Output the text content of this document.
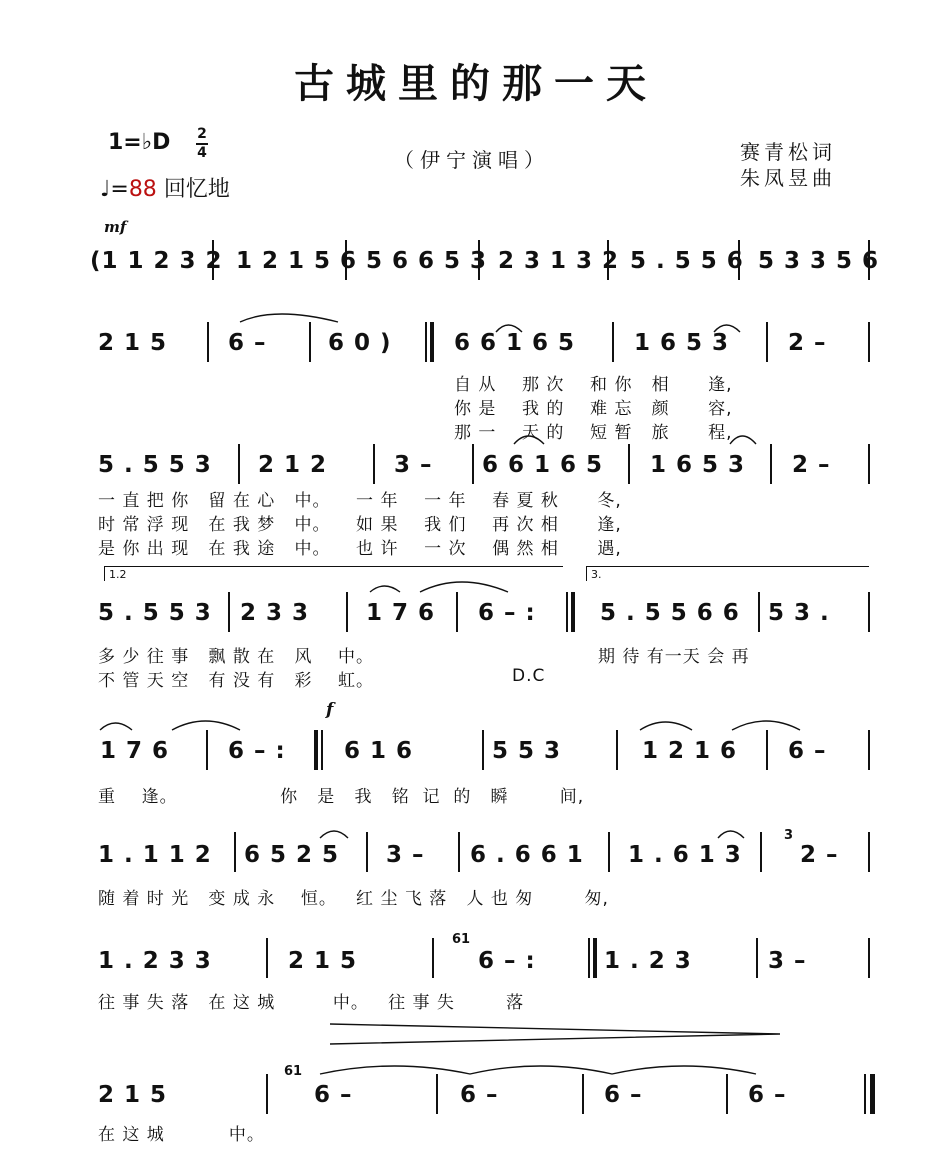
古城里的那一天
1=♭D 2
4
♩=88 回忆地
（伊宁演唱）	赛青松词
朱凤昱曲
mf
f
(1 1 2 3 2 1 2 1 5 6 5 6 6 5 3 2 3 1 3 2 5 . 5 5 6 5 3 3 5 6
2 1 5	6 –	6 0 )	6 6 1 6 5	1 6 5 3	2 –
自 从    那 次    和 你   相      逢,
你 是    我 的    难 忘   颜      容,
那 一    天 的    短 暂   旅      程,
5 . 5 5 3 2 1 2	3 – 6 6 1 6 5 1 6 5 3 2 –
一 直 把 你   留 在 心   中。    一 年    一 年    春 夏 秋      冬,
时 常 浮 现   在 我 梦   中。    如 果    我 们    再 次 相      逢,
是 你 出 现   在 我 途   中。    也 许    一 次    偶 然 相      遇,
1.2	3.
5 . 5 5 3 2 3 3 1 7 6 6 – :	5 . 5 5 6 6 5 3 .
多 少 往 事   飘 散 在   风    中。
不 管 天 空   有 没 有   彩    虹。	D.C
期 待 有一天 会 再
1 7 6	6 – :	6 1 6	5 5 3	1 2 1 6 6 –
重    逢。                你   是   我   铭  记  的   瞬        间,
1 . 1 1 2 6 5 2 5 3 – 6 . 6 6 1 1 . 6 1 3
3
2 –
随 着 时 光   变 成 永    恒。   红 尘 飞 落   人 也 匆        匆,
1 . 2 3 3	2 1 5
61
6 – :	1 . 2 3	3 –
往 事 失 落   在 这 城         中。   往 事 失        落
2 1 5
61
6 –	6 –	6 –	6 –
在 这 城          中。
